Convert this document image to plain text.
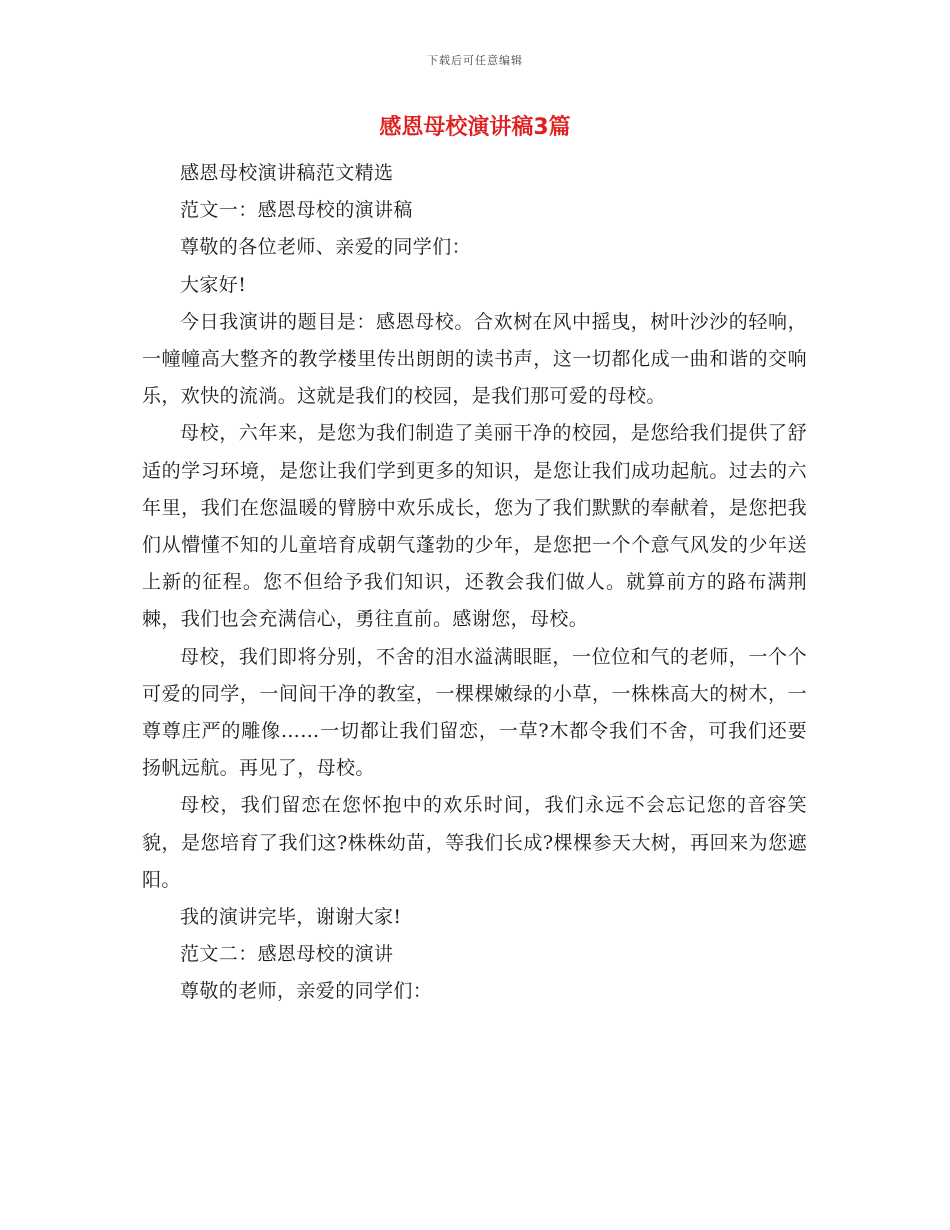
下载后可任意编辑
感恩母校演讲稿3篇

感恩母校演讲稿范文精选

范文一：感恩母校的演讲稿

尊敬的各位老师、亲爱的同学们：

大家好!

今日我演讲的题目是：感恩母校。合欢树在风中摇曳，树叶沙沙的轻响，一幢幢高大整齐的教学楼里传出朗朗的读书声，这一切都化成一曲和谐的交响乐，欢快的流淌。这就是我们的校园，是我们那可爱的母校。

母校，六年来，是您为我们制造了美丽干净的校园，是您给我们提供了舒适的学习环境，是您让我们学到更多的知识，是您让我们成功起航。过去的六年里，我们在您温暖的臂膀中欢乐成长，您为了我们默默的奉献着，是您把我们从懵懂不知的儿童培育成朝气蓬勃的少年，是您把一个个意气风发的少年送上新的征程。您不但给予我们知识，还教会我们做人。就算前方的路布满荆棘，我们也会充满信心，勇往直前。感谢您，母校。

母校，我们即将分别，不舍的泪水溢满眼眶，一位位和气的老师，一个个可爱的同学，一间间干净的教室，一棵棵嫩绿的小草，一株株高大的树木，一尊尊庄严的雕像……一切都让我们留恋，一草?木都令我们不舍，可我们还要扬帆远航。再见了，母校。

母校，我们留恋在您怀抱中的欢乐时间，我们永远不会忘记您的音容笑貌，是您培育了我们这?株株幼苗，等我们长成?棵棵参天大树，再回来为您遮阳。

我的演讲完毕，谢谢大家!

范文二：感恩母校的演讲

尊敬的老师，亲爱的同学们：
